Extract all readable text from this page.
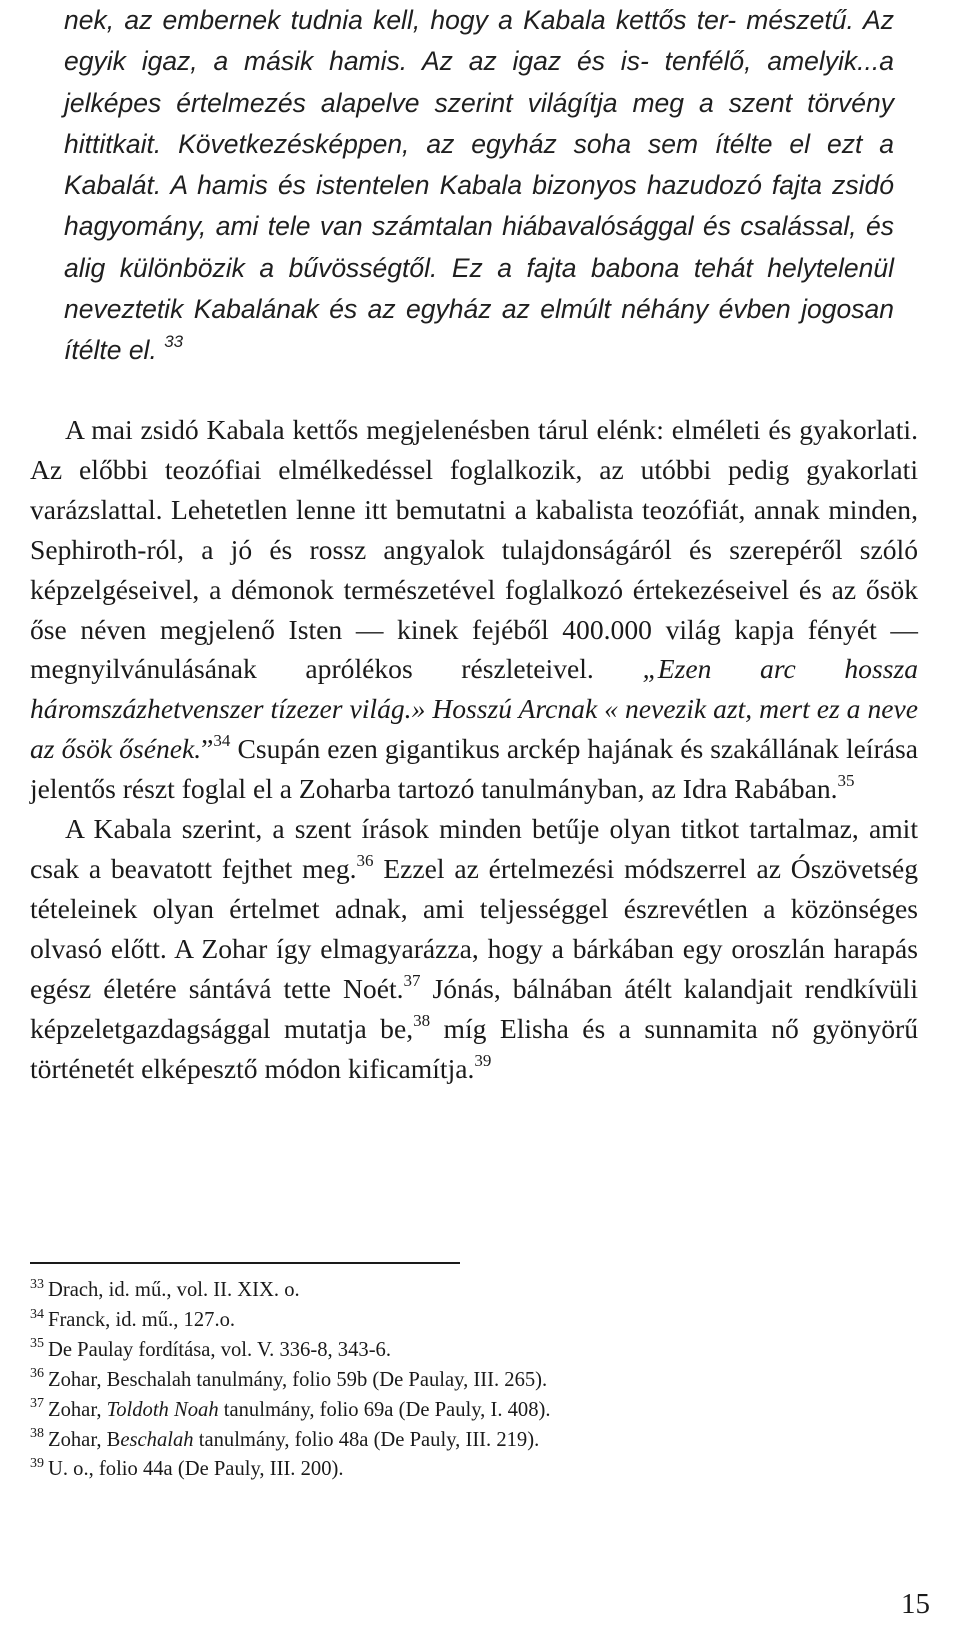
nek, az embernek tudnia kell, hogy a Kabala kettős ter- mészetű. Az egyik igaz, a másik hamis. Az az igaz és is- tenfélő, amelyik...a jelképes értelmezés alapelve szerint világítja meg a szent törvény hittitkait. Következésképpen, az egyház soha sem ítélte el ezt a Kabalát. A hamis és istentelen Kabala bizonyos hazudozó fajta zsidó hagyomány, ami tele van számtalan hiábavalósággal és csalással, és alig különbözik a bűvösségtől. Ez a fajta babona tehát helytelenül neveztetik Kabalának és az egyház az elmúlt néhány évben jogosan ítélte el. $^{33}$

A mai zsidó Kabala kettős megjelenésben tárul elénk: elméleti és gyakorlati. Az előbbi teozófiai elmélkedéssel foglalkozik, az utóbbi pedig gyakorlati varázslattal. Lehetetlen lenne itt bemutatni a kabalista teozófiát, annak minden, Sephiroth-ról, a jó és rossz angyalok tulajdonságáról és szerepéről szóló képzelgéseivel, a démonok természetével foglalkozó értekezéseivel és az ősök őse néven megjelenő Isten — kinek fejéből 400.000 világ kapja fényét — megnyilvánulásának aprólékos részleteivel. „Ezen arc hossza háromszázhetvenszer tízezer világ.» Hosszú Arcnak « nevezik azt, mert ez a neve az ősök ősének.”$^{34}$ Csupán ezen gigantikus arckép hajának és szakállának leírása jelentős részt foglal el a Zoharba tartozó tanulmányban, az Idra Rabában.$^{35}$

A Kabala szerint, a szent írások minden betűje olyan titkot tartalmaz, amit csak a beavatott fejthet meg.$^{36}$ Ezzel az értelmezési módszerrel az Ószövetség tételeinek olyan értelmet adnak, ami teljességgel észrevétlen a közönséges olvasó előtt. A Zohar így elmagyarázza, hogy a bárkában egy oroszlán harapás egész életére sántává tette Noét.$^{37}$ Jónás, bálnában átélt kalandjait rendkívüli képzeletgazdagsággal mutatja be,$^{38}$ míg Elisha és a sunnamita nő gyönyörű történetét elképesztő módon kificamítja.$^{39}$

$^{33}$ Drach, id. mű., vol. II. XIX. o.
$^{34}$ Franck, id. mű., 127.o.
$^{35}$ De Paulay fordítása, vol. V. 336-8, 343-6.
$^{36}$ Zohar, Beschalah tanulmány, folio 59b (De Paulay, III. 265).
$^{37}$ Zohar, Toldoth Noah tanulmány, folio 69a (De Pauly, I. 408).
$^{38}$ Zohar, Beschalah tanulmány, folio 48a (De Pauly, III. 219).
$^{39}$ U. o., folio 44a (De Pauly, III. 200).
15
